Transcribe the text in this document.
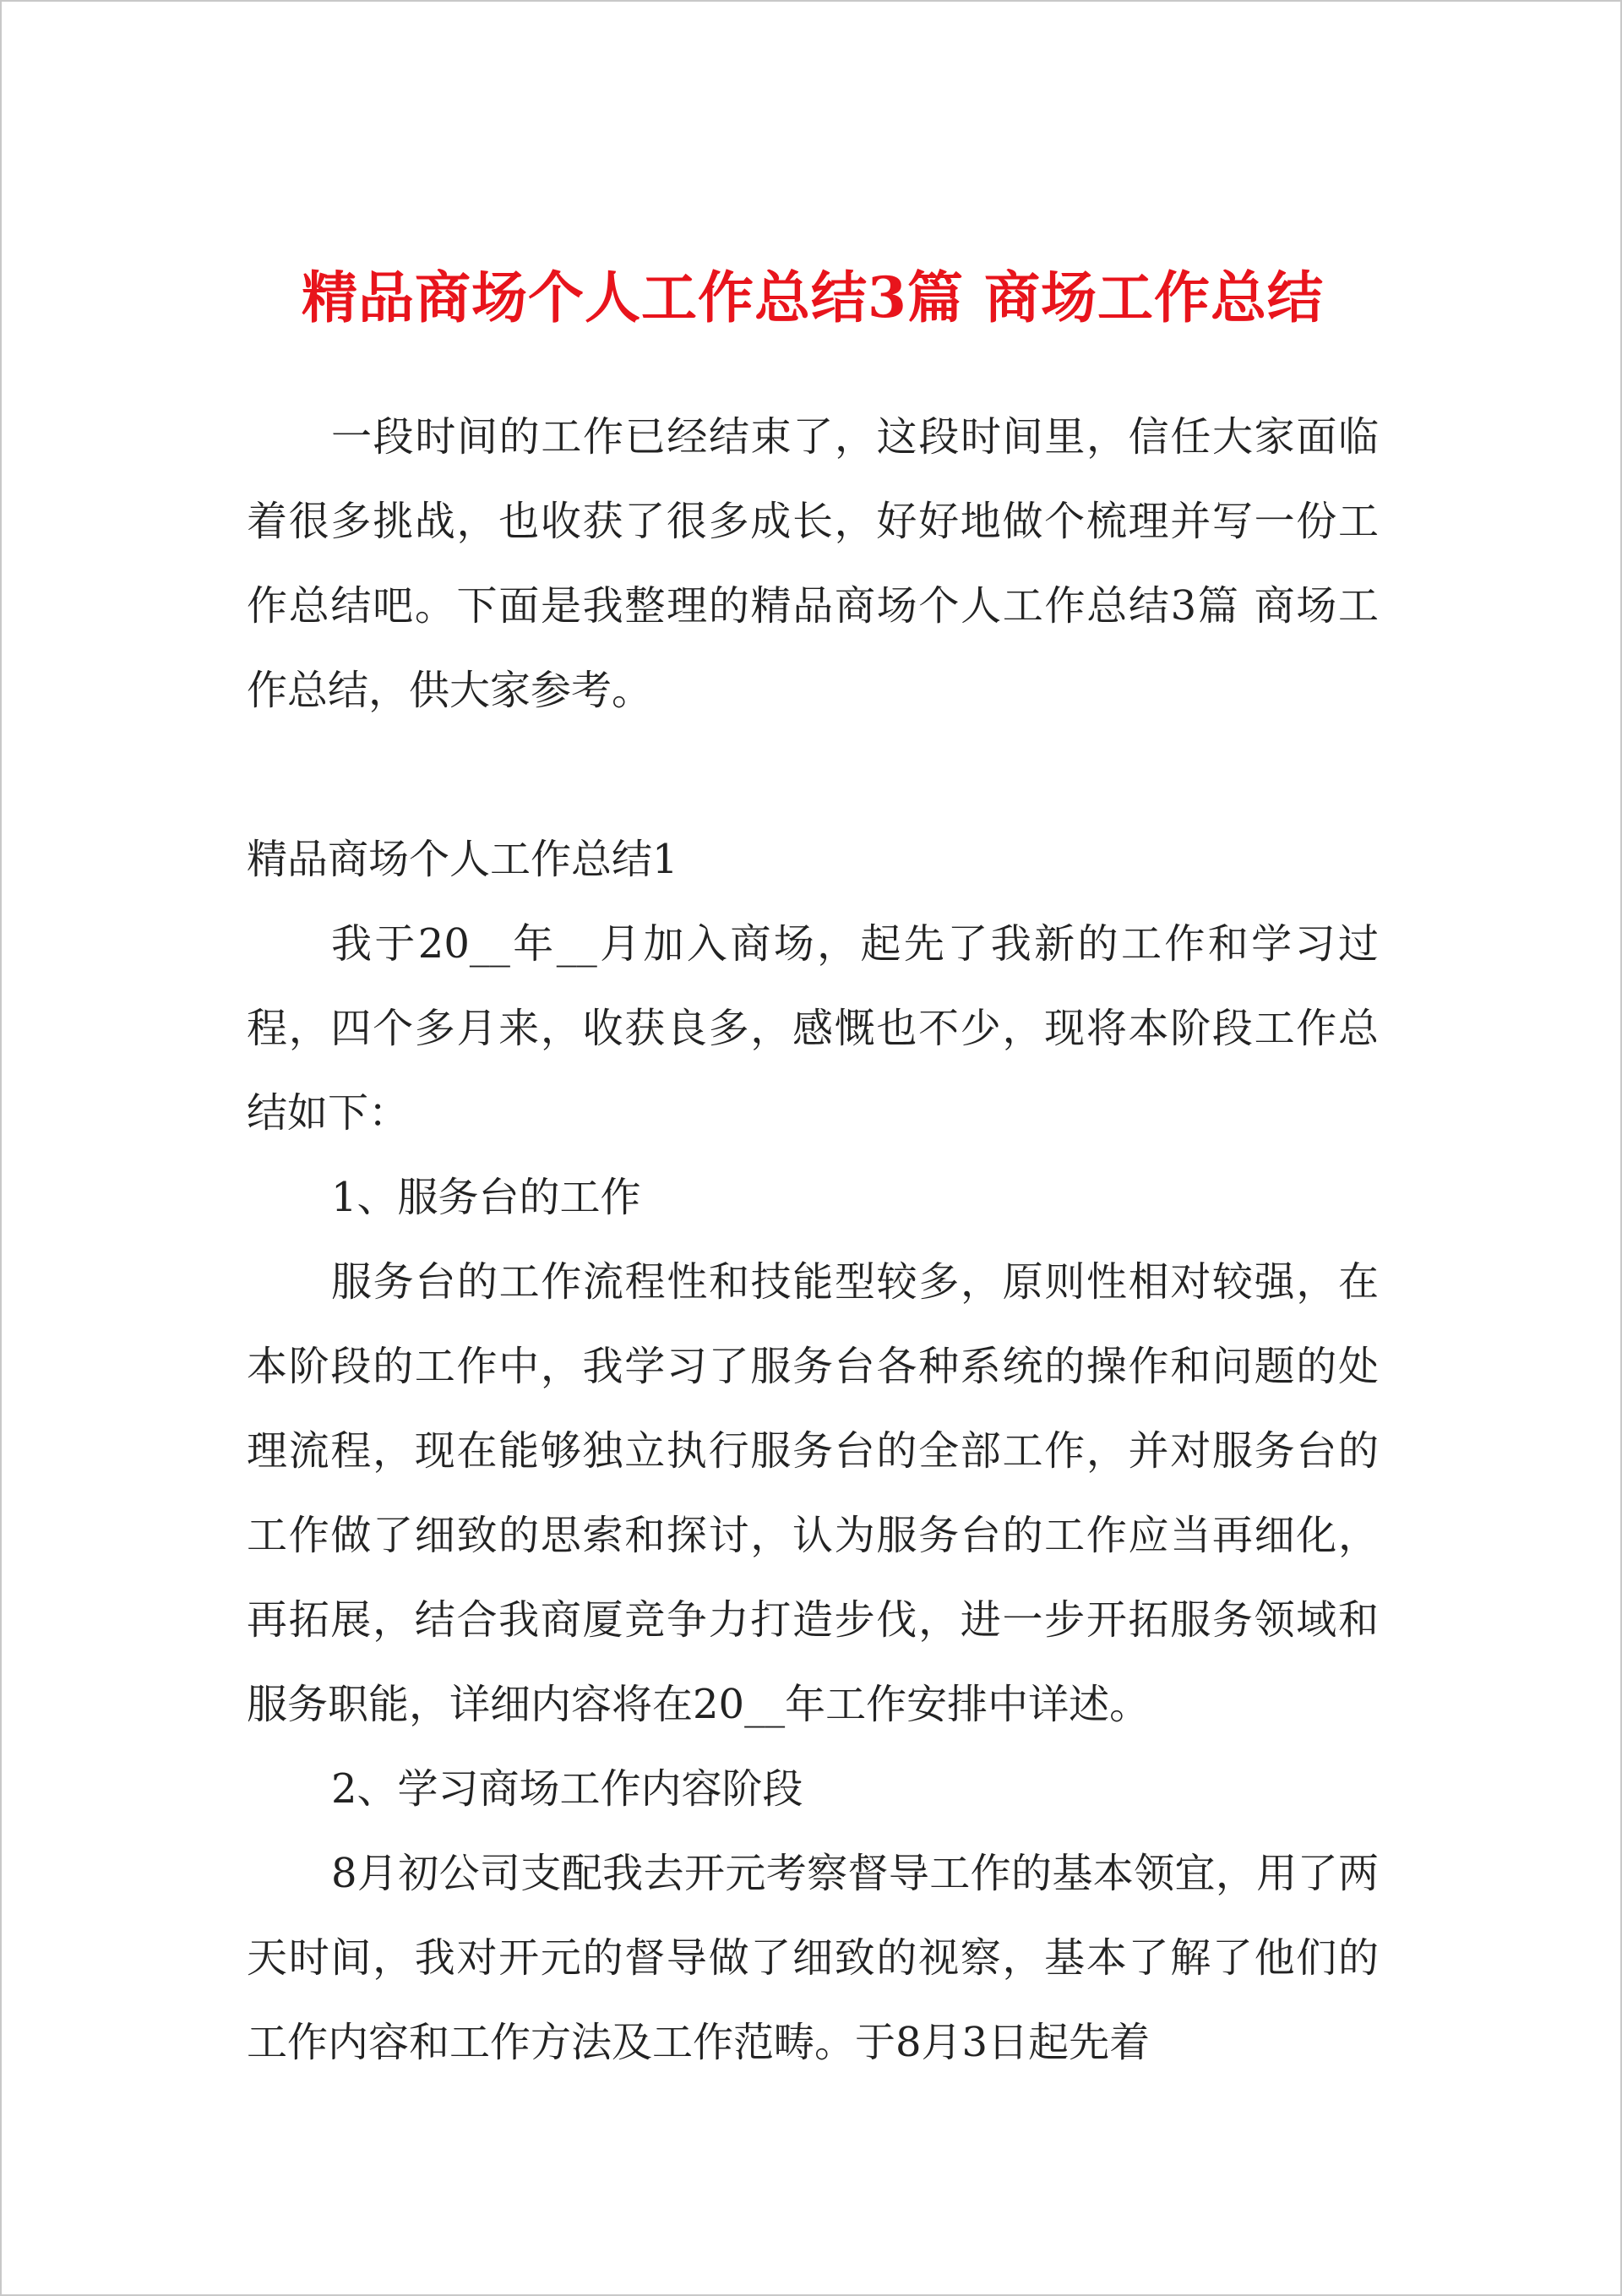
精品商场个人工作总结3篇 商场工作总结

一段时间的工作已经结束了，这段时间里，信任大家面临着很多挑战，也收获了很多成长，好好地做个梳理并写一份工作总结吧。下面是我整理的精品商场个人工作总结3篇 商场工作总结，供大家参考。

精品商场个人工作总结1

我于20__年__月加入商场，起先了我新的工作和学习过程，四个多月来，收获良多，感慨也不少，现将本阶段工作总结如下：

1、服务台的工作

服务台的工作流程性和技能型较多，原则性相对较强，在本阶段的工作中，我学习了服务台各种系统的操作和问题的处理流程，现在能够独立执行服务台的全部工作，并对服务台的工作做了细致的思索和探讨，认为服务台的工作应当再细化，再拓展，结合我商厦竞争力打造步伐，进一步开拓服务领域和服务职能，详细内容将在20__年工作安排中详述。

2、学习商场工作内容阶段

8月初公司支配我去开元考察督导工作的基本领宜，用了两天时间，我对开元的督导做了细致的视察，基本了解了他们的工作内容和工作方法及工作范畴。于8月3日起先着
